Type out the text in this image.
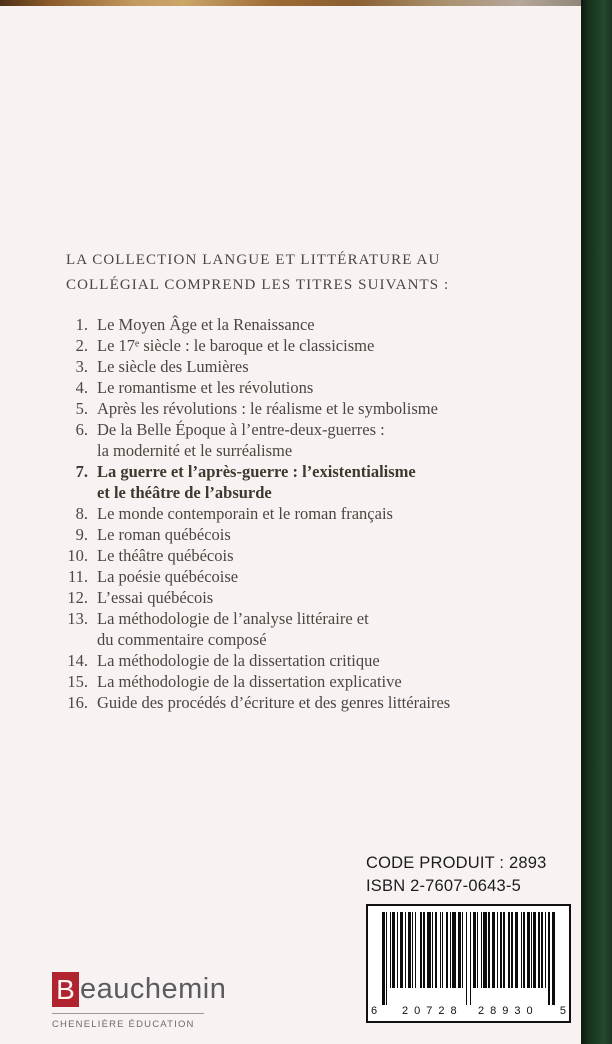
LA COLLECTION LANGUE ET LITTÉRATURE AU
COLLÉGIAL COMPREND LES TITRES SUIVANTS :
1. Le Moyen Âge et la Renaissance
2. Le 17ᵉ siècle : le baroque et le classicisme
3. Le siècle des Lumières
4. Le romantisme et les révolutions
5. Après les révolutions : le réalisme et le symbolisme
6. De la Belle Époque à l’entre-deux-guerres :
la modernité et le surréalisme
7. La guerre et l’après-guerre : l’existentialisme
et le théâtre de l’absurde
8. Le monde contemporain et le roman français
9. Le roman québécois
10. Le théâtre québécois
11. La poésie québécoise
12. L’essai québécois
13. La méthodologie de l’analyse littéraire et
du commentaire composé
14. La méthodologie de la dissertation critique
15. La méthodologie de la dissertation explicative
16. Guide des procédés d’écriture et des genres littéraires
CODE PRODUIT : 2893
ISBN 2-7607-0643-5
6 20728 28930 5
B eauchemin
CHENELIÈRE ÉDUCATION
